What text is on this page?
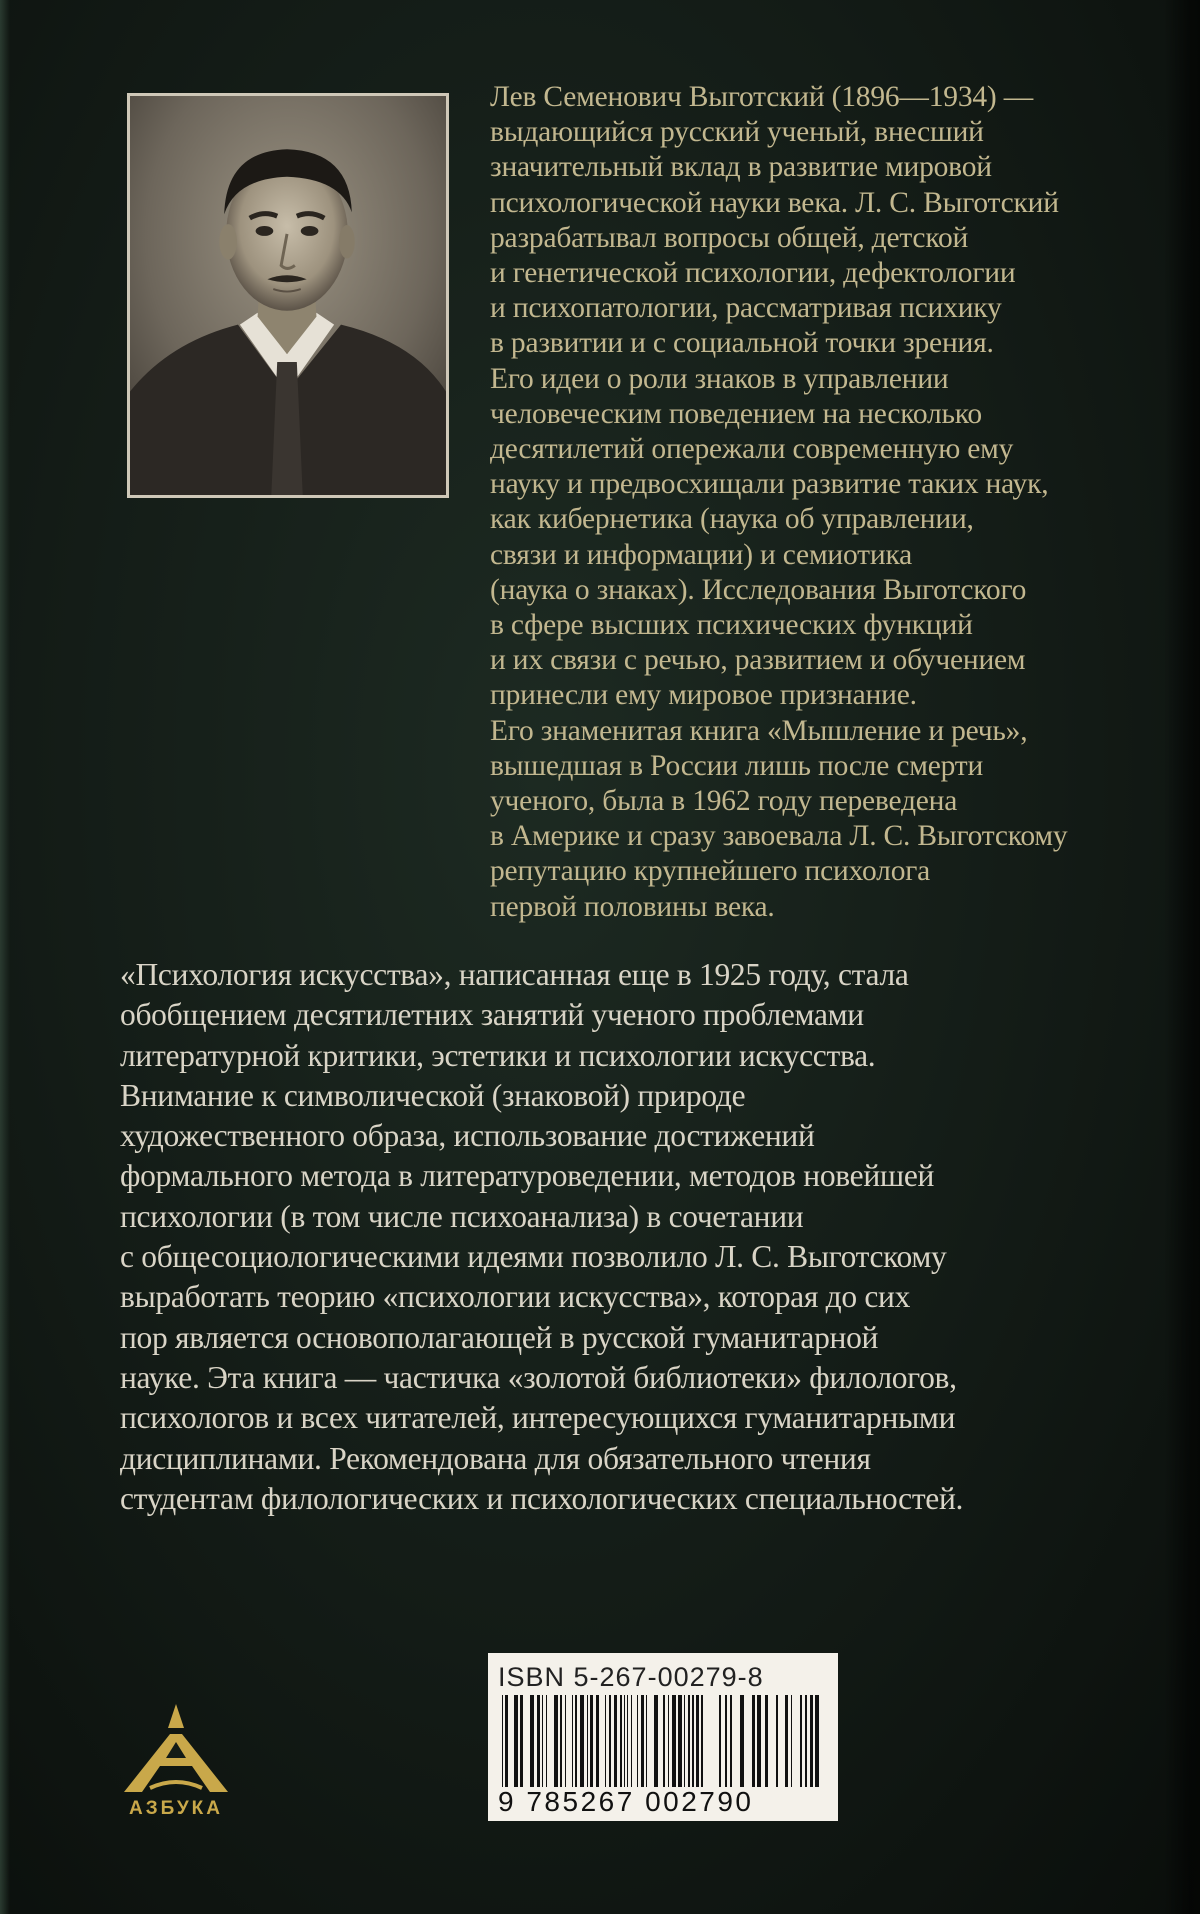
Лев Семенович Выготский (1896—1934) —

выдающийся русский ученый, внесший

значительный вклад в развитие мировой

психологической науки века. Л. С. Выготский

разрабатывал вопросы общей, детской

и генетической психологии, дефектологии

и психопатологии, рассматривая психику

в развитии и с социальной точки зрения.

Его идеи о роли знаков в управлении

человеческим поведением на несколько

десятилетий опережали современную ему

науку и предвосхищали развитие таких наук,

как кибернетика (наука об управлении,

связи и информации) и семиотика

(наука о знаках). Исследования Выготского

в сфере высших психических функций

и их связи с речью, развитием и обучением

принесли ему мировое признание.

Его знаменитая книга «Мышление и речь»,

вышедшая в России лишь после смерти

ученого, была в 1962 году переведена

в Америке и сразу завоевала Л. С. Выготскому

репутацию крупнейшего психолога

первой половины века.

«Психология искусства», написанная еще в 1925 году, стала

обобщением десятилетних занятий ученого проблемами

литературной критики, эстетики и психологии искусства.

Внимание к символической (знаковой) природе

художественного образа, использование достижений

формального метода в литературоведении, методов новейшей

психологии (в том числе психоанализа) в сочетании

с общесоциологическими идеями позволило Л. С. Выготскому

выработать теорию «психологии искусства», которая до сих

пор является основополагающей в русской гуманитарной

науке. Эта книга — частичка «золотой библиотеки» филологов,

психологов и всех читателей, интересующихся гуманитарными

дисциплинами. Рекомендована для обязательного чтения

студентам филологических и психологических специальностей.

АЗБУКА
ISBN 5-267-00279-8
9 785267 002790
